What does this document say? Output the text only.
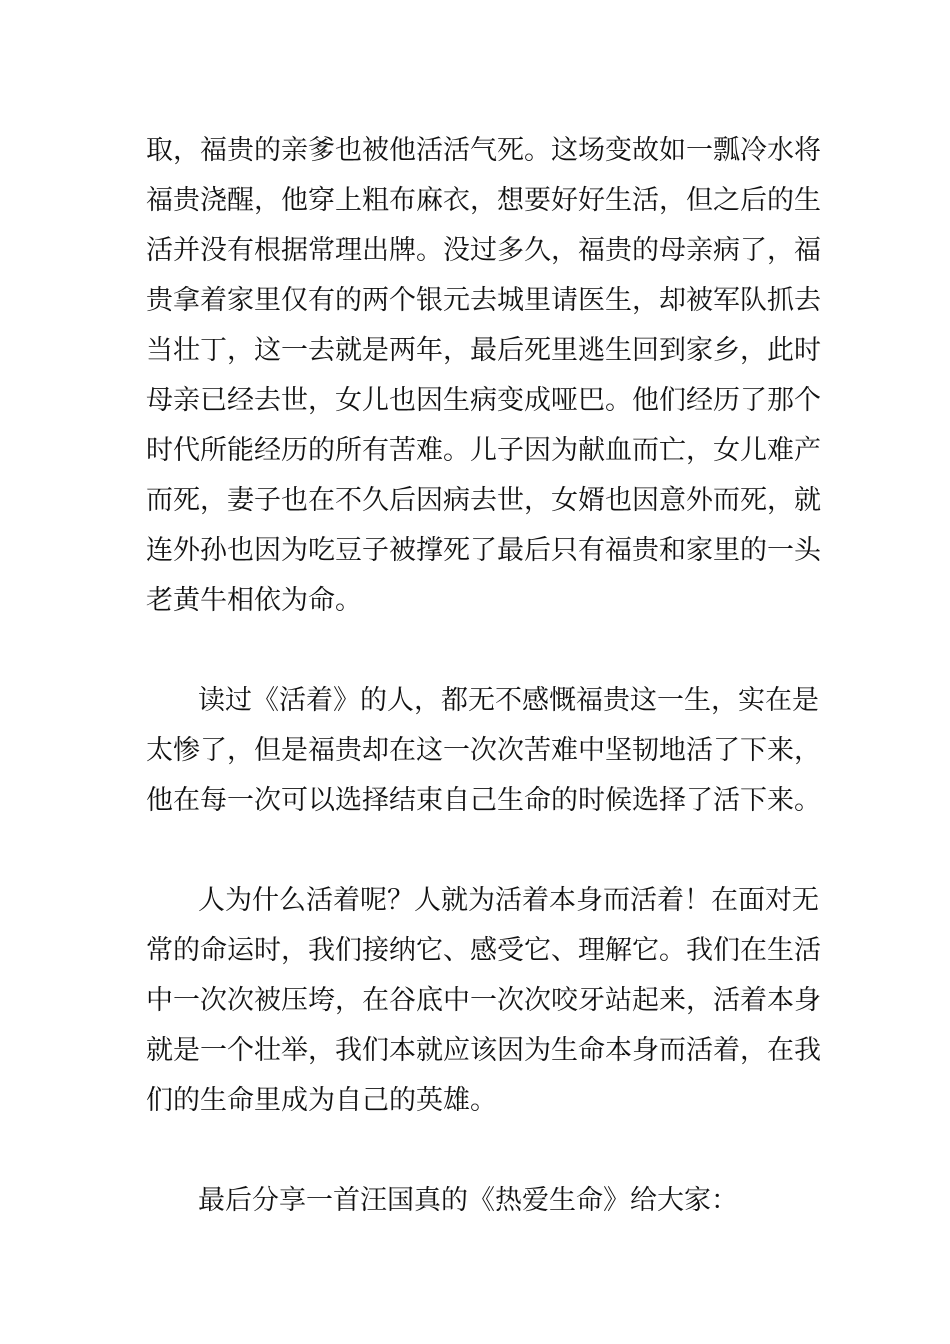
取，福贵的亲爹也被他活活气死。这场变故如一瓢冷水将
福贵浇醒，他穿上粗布麻衣，想要好好生活，但之后的生
活并没有根据常理出牌。没过多久，福贵的母亲病了，福
贵拿着家里仅有的两个银元去城里请医生，却被军队抓去
当壮丁，这一去就是两年，最后死里逃生回到家乡，此时
母亲已经去世，女儿也因生病变成哑巴。他们经历了那个
时代所能经历的所有苦难。儿子因为献血而亡，女儿难产
而死，妻子也在不久后因病去世，女婿也因意外而死，就
连外孙也因为吃豆子被撑死了最后只有福贵和家里的一头
老黄牛相依为命。
读过《活着》的人，都无不感慨福贵这一生，实在是
太惨了，但是福贵却在这一次次苦难中坚韧地活了下来，
他在每一次可以选择结束自己生命的时候选择了活下来。
人为什么活着呢？人就为活着本身而活着！在面对无
常的命运时，我们接纳它、感受它、理解它。我们在生活
中一次次被压垮，在谷底中一次次咬牙站起来，活着本身
就是一个壮举，我们本就应该因为生命本身而活着，在我
们的生命里成为自己的英雄。
最后分享一首汪国真的《热爱生命》给大家：
